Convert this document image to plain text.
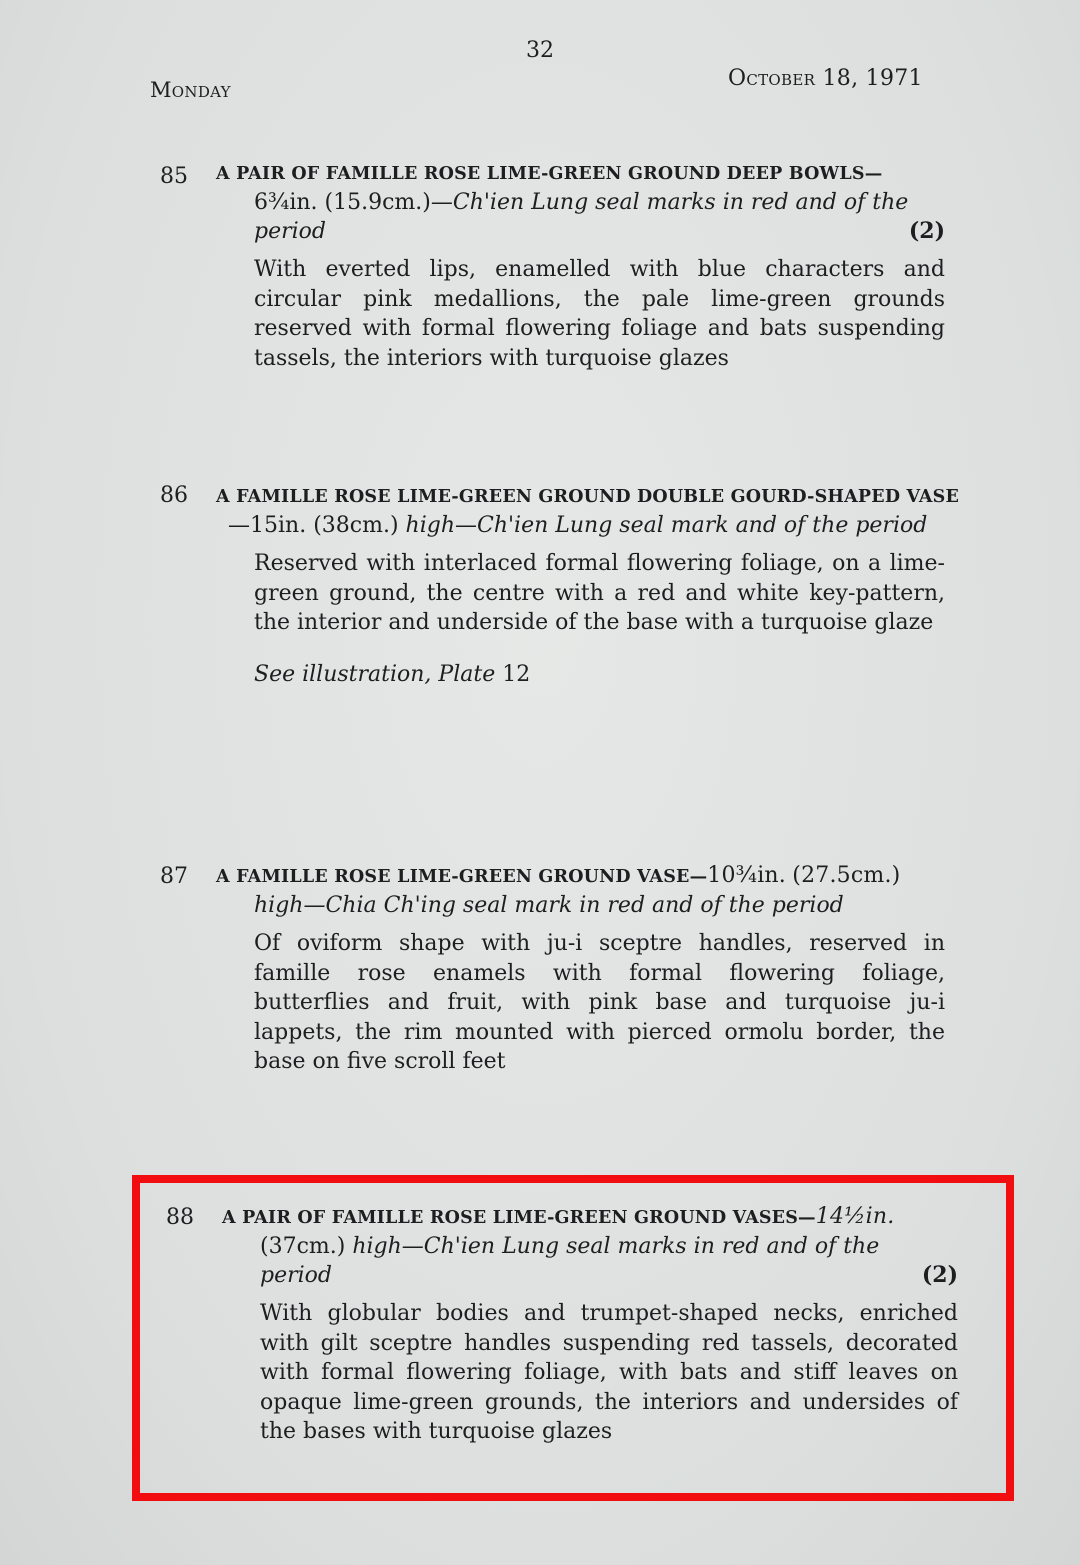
32
Monday	October 18, 1971
85 A PAIR OF FAMILLE ROSE LIME-GREEN GROUND DEEP BOWLS—
6¾in. (15.9cm.)—Ch'ien Lung seal marks in red and of the period	(2)
With everted lips, enamelled with blue characters and circular pink medallions, the pale lime-green grounds reserved with formal flowering foliage and bats suspending tassels, the interiors with turquoise glazes
86 A FAMILLE ROSE LIME-GREEN GROUND DOUBLE GOURD-SHAPED VASE
—15in. (38cm.) high—Ch'ien Lung seal mark and of the period
Reserved with interlaced formal flowering foliage, on a lime-green ground, the centre with a red and white key-pattern, the interior and underside of the base with a turquoise glaze
See illustration, Plate 12
87 A FAMILLE ROSE LIME-GREEN GROUND VASE—10¾in. (27.5cm.)
high—Chia Ch'ing seal mark in red and of the period
Of oviform shape with ju-i sceptre handles, reserved in famille rose enamels with formal flowering foliage, butterflies and fruit, with pink base and turquoise ju-i lappets, the rim mounted with pierced ormolu border, the base on five scroll feet
88 A PAIR OF FAMILLE ROSE LIME-GREEN GROUND VASES—14½in.
(37cm.) high—Ch'ien Lung seal marks in red and of the period	(2)
With globular bodies and trumpet-shaped necks, enriched with gilt sceptre handles suspending red tassels, decorated with formal flowering foliage, with bats and stiff leaves on opaque lime-green grounds, the interiors and undersides of the bases with turquoise glazes
